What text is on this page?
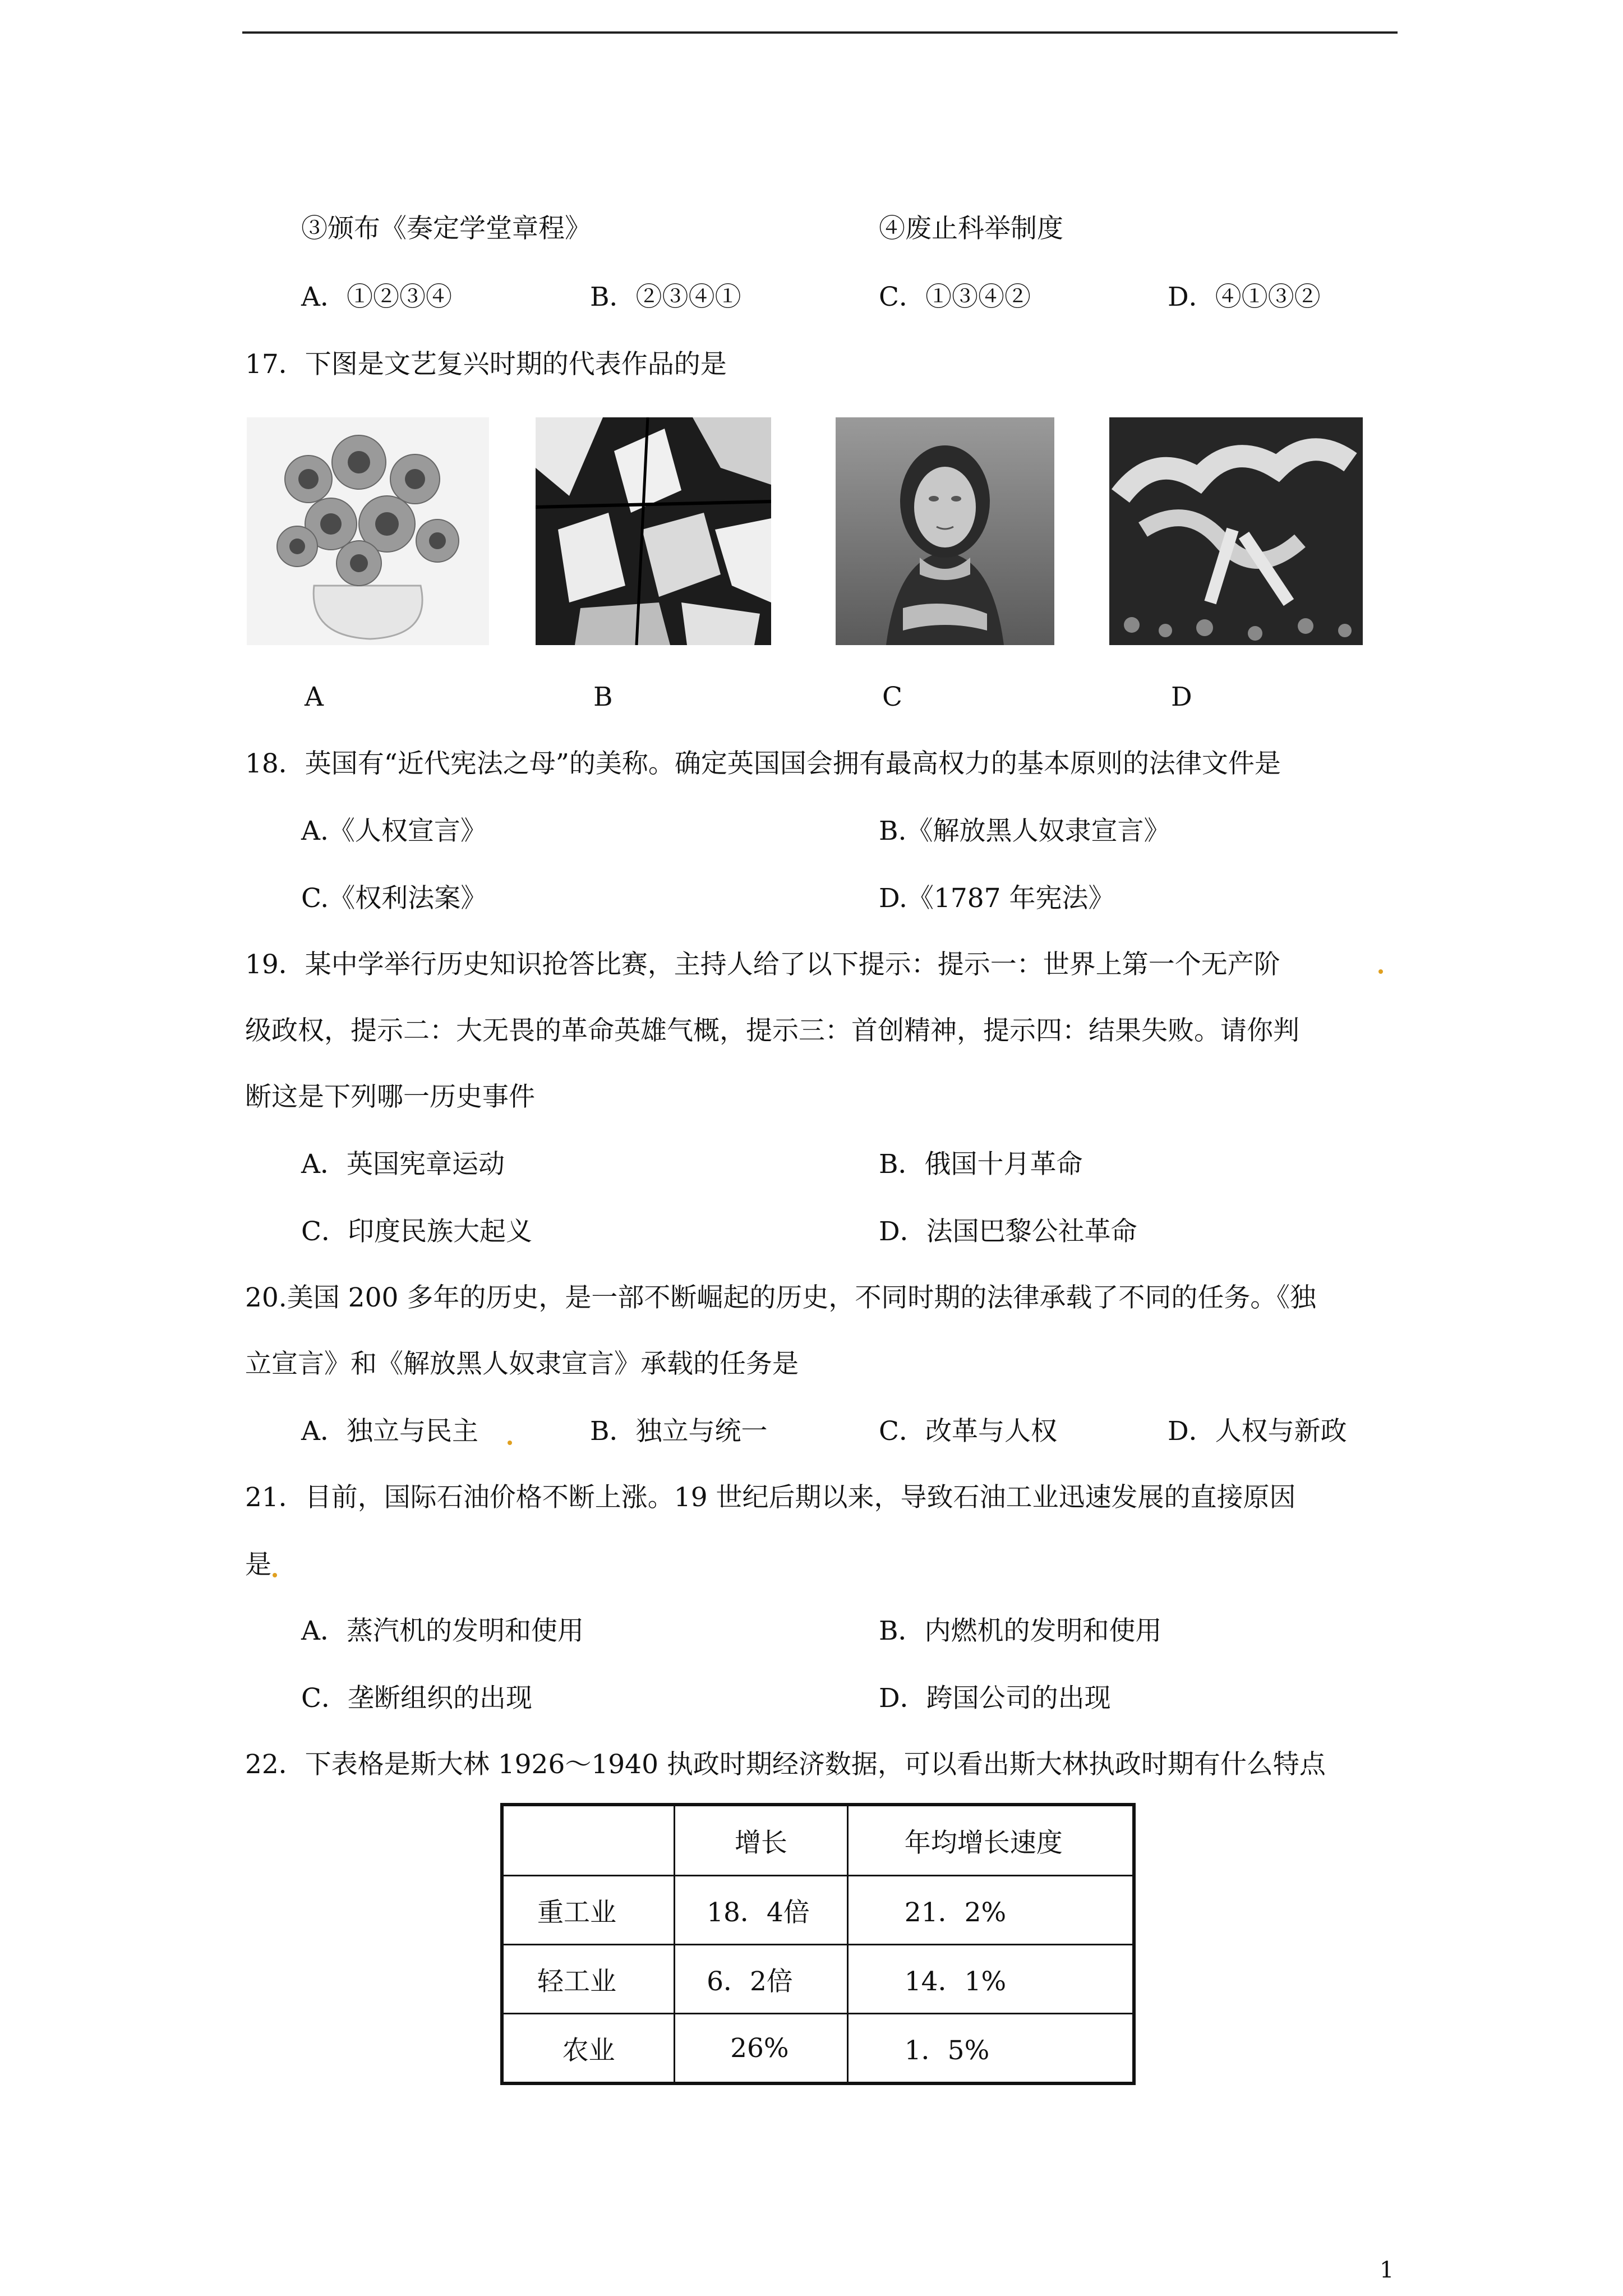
③颁布《奏定学堂章程》	④废止科举制度
A．①②③④	B．②③④①	C．①③④②	D．④①③②
17．下图是文艺复兴时期的代表作品的是
A	B	C	D
18．英国有“近代宪法之母”的美称。确定英国国会拥有最高权力的基本原则的法律文件是
A.《人权宣言》	B.《解放黑人奴隶宣言》
C.《权利法案》	D.《1787 年宪法》
19．某中学举行历史知识抢答比赛，主持人给了以下提示：提示一：世界上第一个无产阶
级政权，提示二：大无畏的革命英雄气概，提示三：首创精神，提示四：结果失败。请你判
断这是下列哪一历史事件
A．英国宪章运动	B．俄国十月革命
C．印度民族大起义	D．法国巴黎公社革命
20.美国 200 多年的历史，是一部不断崛起的历史，不同时期的法律承载了不同的任务。《独
立宣言》和《解放黑人奴隶宣言》承载的任务是
A．独立与民主	B．独立与统一	C．改革与人权	D．人权与新政
21．目前，国际石油价格不断上涨。19 世纪后期以来，导致石油工业迅速发展的直接原因
是
A．蒸汽机的发明和使用	B．内燃机的发明和使用
C．垄断组织的出现	D．跨国公司的出现
22．下表格是斯大林 1926～1940 执政时期经济数据，可以看出斯大林执政时期有什么特点
	增长	年均增长速度
重工业	18．4倍	21．2%
轻工业	6．2倍	14．1%
农业	26%	1．5%
1
